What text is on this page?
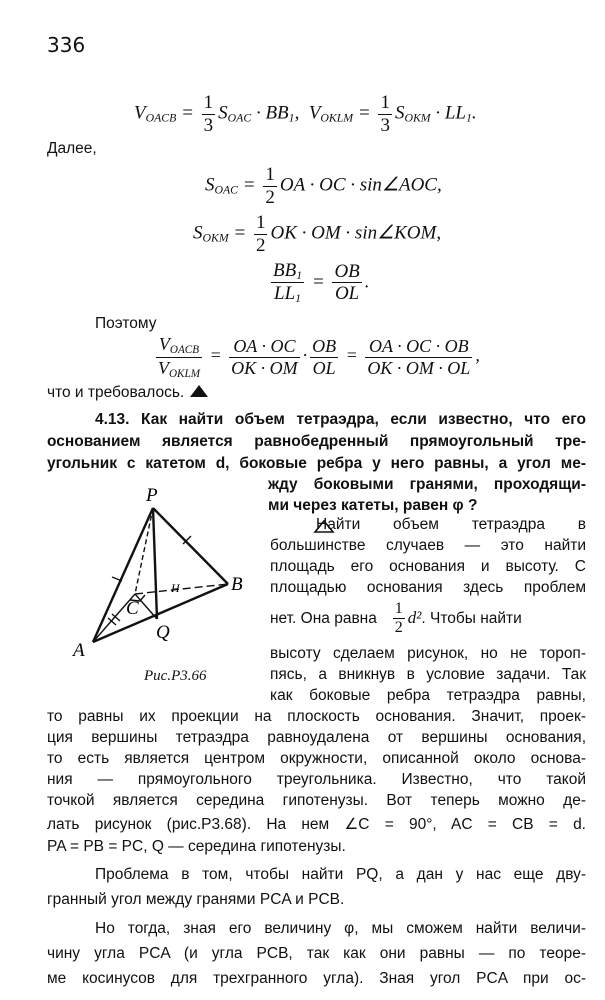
336
$V_{OACB} = \frac{1}{3} S_{OAC} \cdot BB_1$,  $V_{OKLM} = \frac{1}{3} S_{OKM} \cdot LL_1$.
Далее,
$S_{OAC} = \frac{1}{2}$ OA · OC · sin∠AOC,
$S_{OKM} = \frac{1}{2}$ OK · OM · sin∠KOM,
$\frac{BB_1}{LL_1} = \frac{OB}{OL}$ .
Поэтому
$V_{OACB}$
$V_{OKLM}$
= $\frac{OA \cdot OC}{OK \cdot OM} \cdot \frac{OB}{OL} = \frac{OA \cdot OC \cdot OB}{OK \cdot OM \cdot OL}$ ,
что и требовалось.
4.13. Как найти объем тетраэдра, если известно, что его
основанием является равнобедренный прямоугольный тре-
угольник с катетом d, боковые ребра у него равны, а угол ме-
жду боковыми гранями, проходящи-
ми через катеты, равен φ ?
P
B
A
C
Q
H
Рис.Р3.66
Найти объем тетраэдра в
большинстве случаев — это найти
площадь его основания и высоту. С
площадью основания здесь проблем
нет. Она равна $\frac{1}{2} d^2$. Чтобы найти
высоту сделаем рисунок, но не тороп-
пясь, а вникнув в условие задачи. Так
как боковые ребра тетраэдра равны,
то равны их проекции на плоскость основания. Значит, проек-
ция вершины тетраэдра равноудалена от вершины основания,
то есть является центром окружности, описанной около основа-
ния — прямоугольного треугольника. Известно, что такой
точкой является середина гипотенузы. Вот теперь можно де-
лать рисунок (рис.Р3.68). На нем ∠C = 90°, AC = CB = d.
PA = PB = PC, Q — середина гипотенузы.
Проблема в том, чтобы найти PQ, а дан у нас еще дву-
гранный угол между гранями PCA и PCB.
Но тогда, зная его величину φ, мы сможем найти величи-
чину угла PCA (и угла PCB, так как они равны — по теоре-
ме косинусов для трехгранного угла). Зная угол PCA при ос-
